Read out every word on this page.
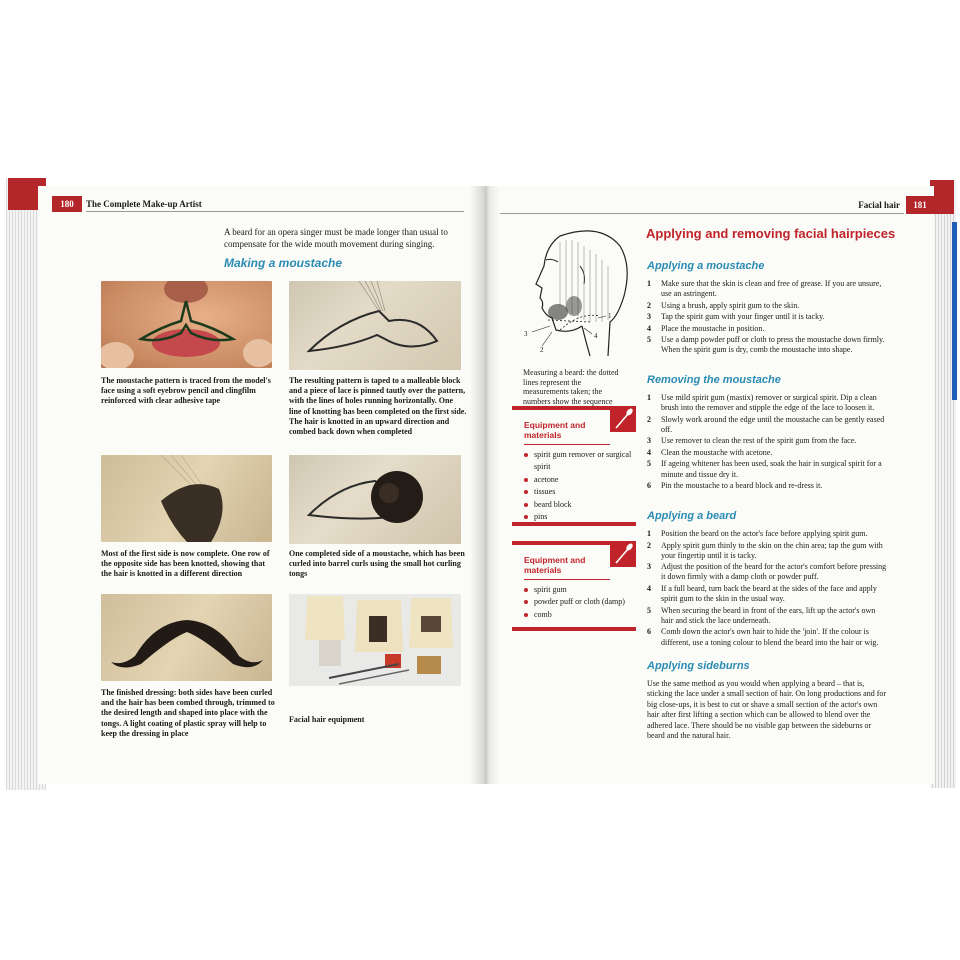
180	The Complete Make-up Artist
A beard for an opera singer must be made longer than usual to compensate for the wide mouth movement during singing.
Making a moustache
The moustache pattern is traced from the model's face using a soft eyebrow pencil and clingfilm reinforced with clear adhesive tape
The resulting pattern is taped to a malleable block and a piece of lace is pinned tautly over the pattern, with the lines of holes running horizontally. One line of knotting has been completed on the first side. The hair is knotted in an upward direction and combed back down when completed
Most of the first side is now complete. One row of the opposite side has been knotted, showing that the hair is knotted in a different direction
One completed side of a moustache, which has been curled into barrel curls using the small hot curling tongs
The finished dressing: both sides have been curled and the hair has been combed through, trimmed to the desired length and shaped into place with the tongs. A light coating of plastic spray will help to keep the dressing in place
Facial hair equipment
Facial hair	181
1
2
3	4
Measuring a beard: the dotted lines represent the measurements taken; the numbers show the sequence
Equipment and materials
spirit gum remover or surgical spirit
acetone
tissues
beard block
pins
Equipment and materials
spirit gum
powder puff or cloth (damp)
comb
Applying and removing facial hairpieces
Applying a moustache
1 Make sure that the skin is clean and free of grease. If you are unsure, use an astringent.
2 Using a brush, apply spirit gum to the skin.
3 Tap the spirit gum with your finger until it is tacky.
4 Place the moustache in position.
5 Use a damp powder puff or cloth to press the moustache down firmly. When the spirit gum is dry, comb the moustache into shape.
Removing the moustache
1 Use mild spirit gum (mastix) remover or surgical spirit. Dip a clean brush into the remover and stipple the edge of the lace to loosen it.
2 Slowly work around the edge until the moustache can be gently eased off.
3 Use remover to clean the rest of the spirit gum from the face.
4 Clean the moustache with acetone.
5 If ageing whitener has been used, soak the hair in surgical spirit for a minute and tissue dry it.
6 Pin the moustache to a beard block and re-dress it.
Applying a beard
1 Position the beard on the actor's face before applying spirit gum.
2 Apply spirit gum thinly to the skin on the chin area; tap the gum with your fingertip until it is tacky.
3 Adjust the position of the beard for the actor's comfort before pressing it down firmly with a damp cloth or powder puff.
4 If a full beard, turn back the beard at the sides of the face and apply spirit gum to the skin in the usual way.
5 When securing the beard in front of the ears, lift up the actor's own hair and stick the lace underneath.
6 Comb down the actor's own hair to hide the 'join'. If the colour is different, use a toning colour to blend the beard into the hair or wig.
Applying sideburns
Use the same method as you would when applying a beard – that is, sticking the lace under a small section of hair. On long productions and for big close-ups, it is best to cut or shave a small section of the actor's own hair after first lifting a section which can be allowed to blend over the adhered lace. There should be no visible gap between the sideburns or beard and the natural hair.
